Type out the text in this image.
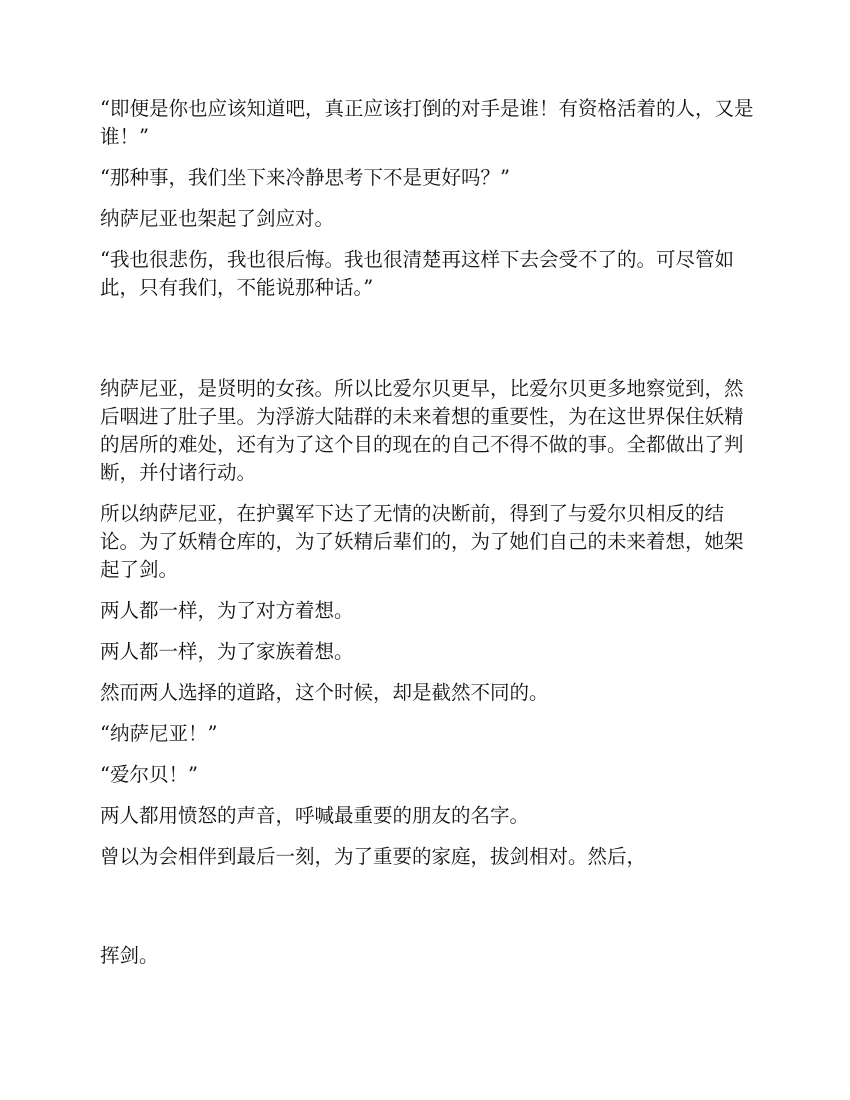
“即便是你也应该知道吧，真正应该打倒的对手是谁！有资格活着的人，又是谁！”

“那种事，我们坐下来冷静思考下不是更好吗？”

纳萨尼亚也架起了剑应对。

“我也很悲伤，我也很后悔。我也很清楚再这样下去会受不了的。可尽管如此，只有我们，不能说那种话。”

纳萨尼亚，是贤明的女孩。所以比爱尔贝更早，比爱尔贝更多地察觉到，然后咽进了肚子里。为浮游大陆群的未来着想的重要性，为在这世界保住妖精的居所的难处，还有为了这个目的现在的自己不得不做的事。全都做出了判断，并付诸行动。

所以纳萨尼亚，在护翼军下达了无情的决断前，得到了与爱尔贝相反的结论。为了妖精仓库的，为了妖精后辈们的，为了她们自己的未来着想，她架起了剑。

两人都一样，为了对方着想。

两人都一样，为了家族着想。

然而两人选择的道路，这个时候，却是截然不同的。

“纳萨尼亚！”

“爱尔贝！”

两人都用愤怒的声音，呼喊最重要的朋友的名字。

曾以为会相伴到最后一刻，为了重要的家庭，拔剑相对。然后，

挥剑。
